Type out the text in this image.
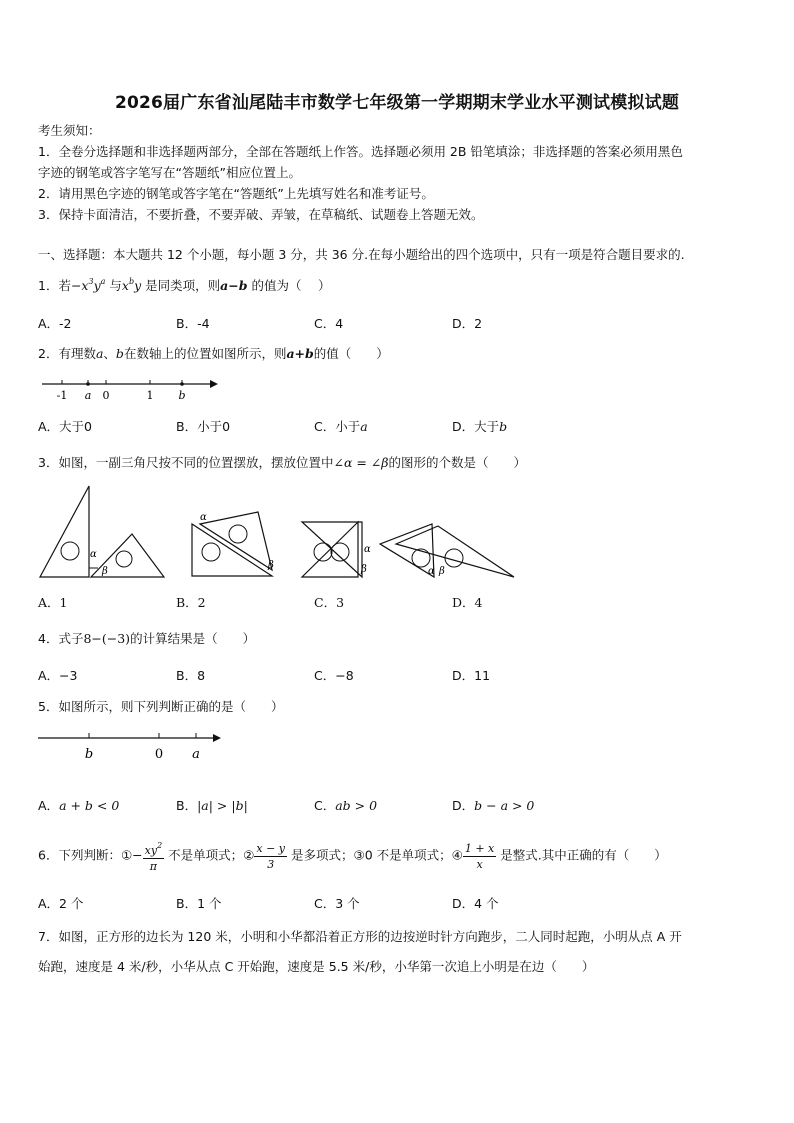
2026届广东省汕尾陆丰市数学七年级第一学期期末学业水平测试模拟试题
考生须知：
1．全卷分选择题和非选择题两部分，全部在答题纸上作答。选择题必须用 2B 铅笔填涂；非选择题的答案必须用黑色
字迹的钢笔或答字笔写在“答题纸”相应位置上。
2．请用黑色字迹的钢笔或答字笔在“答题纸”上先填写姓名和准考证号。
3．保持卡面清洁，不要折叠，不要弄破、弄皱，在草稿纸、试题卷上答题无效。
一、选择题：本大题共 12 个小题，每小题 3 分，共 36 分.在每小题给出的四个选项中，只有一项是符合题目要求的.
1．若$-x^3y^a$ 与$x^by$ 是同类项，则a−b 的值为（　 ）
A．-2	B．-4	C．4	D．2
2．有理数a、b在数轴上的位置如图所示，则a+b的值（　　）
-1 a 0	1 b
A．大于0	B．小于0	C．小于a	D．大于b
3．如图，一副三角尺按不同的位置摆放，摆放位置中∠α = ∠β的图形的个数是（　　）
α
β
α
β
α
β	α β
A．1	B．2	C．3	D．4
4．式子8−(−3)的计算结果是（　　）
A．−3	B．8	C．−8	D．11
5．如图所示，则下列判断正确的是（　　）
b	0 a
A．a + b < 0	B．|a| > |b|	C．ab > 0	D．b − a > 0
6．下列判断：①− $\frac{xy^2}{\pi}$ 不是单项式；② $\frac{x - y}{3}$ 是多项式；③0 不是单项式；④ $\frac{1 + x}{x}$ 是整式.其中正确的有（　　）
A．2 个	B．1 个	C．3 个	D．4 个
7．如图，正方形的边长为 120 米，小明和小华都沿着正方形的边按逆时针方向跑步，二人同时起跑，小明从点 A 开
始跑，速度是 4 米/秒，小华从点 C 开始跑，速度是 5.5 米/秒，小华第一次追上小明是在边（　　）
